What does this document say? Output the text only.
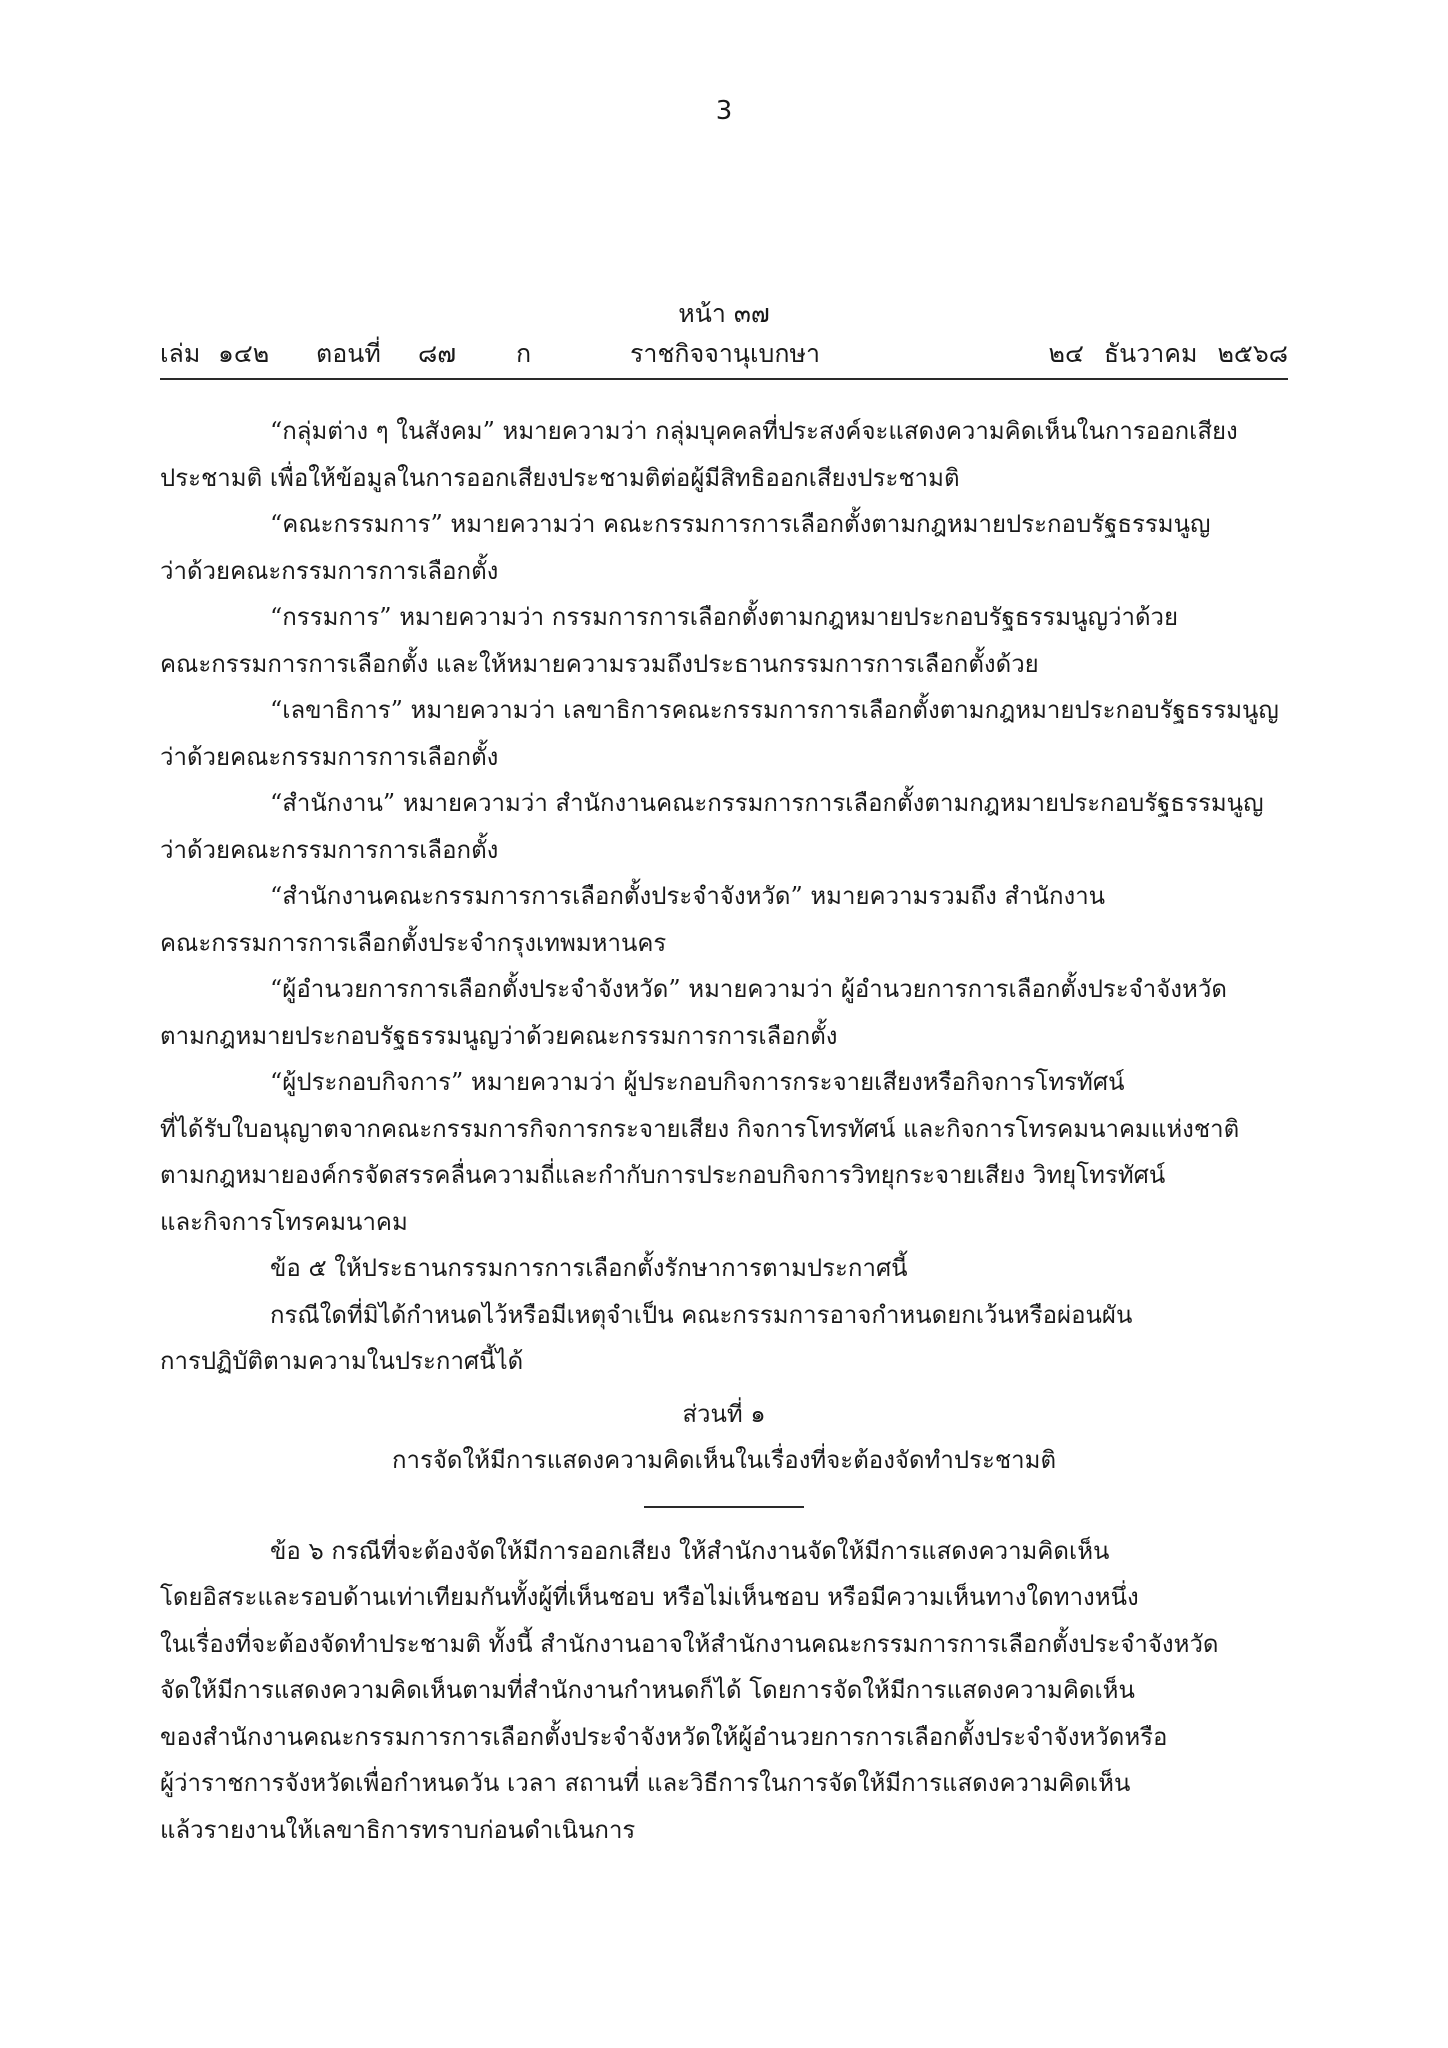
3
หน้า ๓๗
เล่ม ๑๔๒ ตอนที่ ๘๗ ก	ราชกิจจานุเบกษา	๒๔ ธันวาคม ๒๕๖๘

“กลุ่มต่าง ๆ ในสังคม” หมายความว่า กลุ่มบุคคลที่ประสงค์จะแสดงความคิดเห็นในการออกเสียง
ประชามติ เพื่อให้ข้อมูลในการออกเสียงประชามติต่อผู้มีสิทธิออกเสียงประชามติ

“คณะกรรมการ” หมายความว่า คณะกรรมการการเลือกตั้งตามกฎหมายประกอบรัฐธรรมนูญ
ว่าด้วยคณะกรรมการการเลือกตั้ง

“กรรมการ” หมายความว่า กรรมการการเลือกตั้งตามกฎหมายประกอบรัฐธรรมนูญว่าด้วย
คณะกรรมการการเลือกตั้ง และให้หมายความรวมถึงประธานกรรมการการเลือกตั้งด้วย

“เลขาธิการ” หมายความว่า เลขาธิการคณะกรรมการการเลือกตั้งตามกฎหมายประกอบรัฐธรรมนูญ
ว่าด้วยคณะกรรมการการเลือกตั้ง

“สำนักงาน” หมายความว่า สำนักงานคณะกรรมการการเลือกตั้งตามกฎหมายประกอบรัฐธรรมนูญ
ว่าด้วยคณะกรรมการการเลือกตั้ง

“สำนักงานคณะกรรมการการเลือกตั้งประจำจังหวัด” หมายความรวมถึง สำนักงาน
คณะกรรมการการเลือกตั้งประจำกรุงเทพมหานคร

“ผู้อำนวยการการเลือกตั้งประจำจังหวัด” หมายความว่า ผู้อำนวยการการเลือกตั้งประจำจังหวัด
ตามกฎหมายประกอบรัฐธรรมนูญว่าด้วยคณะกรรมการการเลือกตั้ง

“ผู้ประกอบกิจการ” หมายความว่า ผู้ประกอบกิจการกระจายเสียงหรือกิจการโทรทัศน์
ที่ได้รับใบอนุญาตจากคณะกรรมการกิจการกระจายเสียง กิจการโทรทัศน์ และกิจการโทรคมนาคมแห่งชาติ
ตามกฎหมายองค์กรจัดสรรคลื่นความถี่และกำกับการประกอบกิจการวิทยุกระจายเสียง วิทยุโทรทัศน์
และกิจการโทรคมนาคม

ข้อ ๕ ให้ประธานกรรมการการเลือกตั้งรักษาการตามประกาศนี้

กรณีใดที่มิได้กำหนดไว้หรือมีเหตุจำเป็น คณะกรรมการอาจกำหนดยกเว้นหรือผ่อนผัน
การปฏิบัติตามความในประกาศนี้ได้

ส่วนที่ ๑

การจัดให้มีการแสดงความคิดเห็นในเรื่องที่จะต้องจัดทำประชามติ

ข้อ ๖ กรณีที่จะต้องจัดให้มีการออกเสียง ให้สำนักงานจัดให้มีการแสดงความคิดเห็น
โดยอิสระและรอบด้านเท่าเทียมกันทั้งผู้ที่เห็นชอบ หรือไม่เห็นชอบ หรือมีความเห็นทางใดทางหนึ่ง
ในเรื่องที่จะต้องจัดทำประชามติ ทั้งนี้ สำนักงานอาจให้สำนักงานคณะกรรมการการเลือกตั้งประจำจังหวัด
จัดให้มีการแสดงความคิดเห็นตามที่สำนักงานกำหนดก็ได้ โดยการจัดให้มีการแสดงความคิดเห็น
ของสำนักงานคณะกรรมการการเลือกตั้งประจำจังหวัดให้ผู้อำนวยการการเลือกตั้งประจำจังหวัดหรือ
ผู้ว่าราชการจังหวัดเพื่อกำหนดวัน เวลา สถานที่ และวิธีการในการจัดให้มีการแสดงความคิดเห็น
แล้วรายงานให้เลขาธิการทราบก่อนดำเนินการ
